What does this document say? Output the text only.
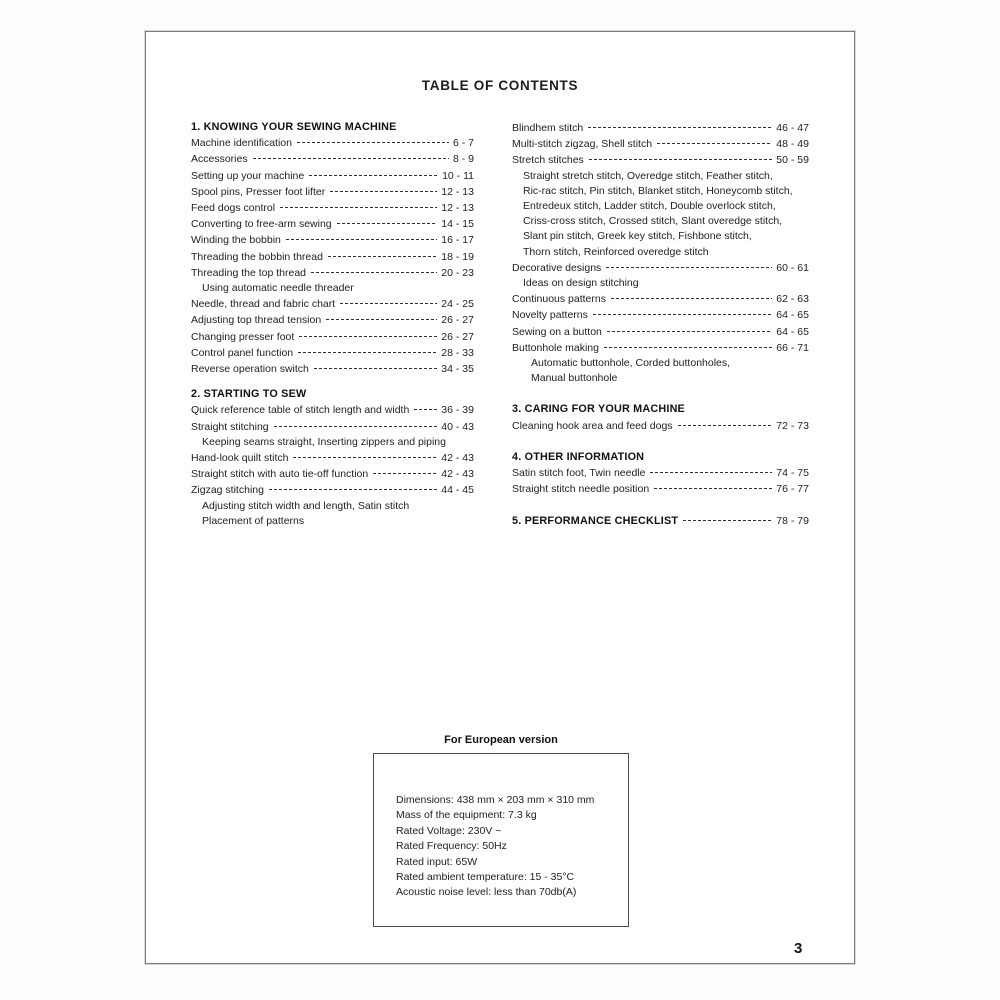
TABLE OF CONTENTS
1. KNOWING YOUR SEWING MACHINE
Machine identification	6 - 7
Accessories	8 - 9
Setting up your machine	10 - 11
Spool pins, Presser foot lifter	12 - 13
Feed dogs control	12 - 13
Converting to free-arm sewing	14 - 15
Winding the bobbin	16 - 17
Threading the bobbin thread	18 - 19
Threading the top thread	20 - 23
Using automatic needle threader
Needle, thread and fabric chart	24 - 25
Adjusting top thread tension	26 - 27
Changing presser foot	26 - 27
Control panel function	28 - 33
Reverse operation switch	34 - 35
2. STARTING TO SEW
Quick reference table of stitch length and width	36 - 39
Straight stitching	40 - 43
Keeping seams straight, Inserting zippers and piping
Hand-look quilt stitch	42 - 43
Straight stitch with auto tie-off function	42 - 43
Zigzag stitching	44 - 45
Adjusting stitch width and length, Satin stitch
Placement of patterns
Blindhem stitch	46 - 47
Multi-stitch zigzag, Shell stitch	48 - 49
Stretch stitches	50 - 59
Straight stretch stitch, Overedge stitch, Feather stitch,
Ric-rac stitch, Pin stitch, Blanket stitch, Honeycomb stitch,
Entredeux stitch, Ladder stitch, Double overlock stitch,
Criss-cross stitch, Crossed stitch, Slant overedge stitch,
Slant pin stitch, Greek key stitch, Fishbone stitch,
Thorn stitch, Reinforced overedge stitch
Decorative designs	60 - 61
Ideas on design stitching
Continuous patterns	62 - 63
Novelty patterns	64 - 65
Sewing on a button	64 - 65
Buttonhole making	66 - 71
Automatic buttonhole, Corded buttonholes,
Manual buttonhole
3. CARING FOR YOUR MACHINE
Cleaning hook area and feed dogs	72 - 73
4. OTHER INFORMATION
Satin stitch foot, Twin needle	74 - 75
Straight stitch needle position	76 - 77
5. PERFORMANCE CHECKLIST	78 - 79
For European version
Dimensions: 438 mm × 203 mm × 310 mm
Mass of the equipment: 7.3 kg
Rated Voltage: 230V ~
Rated Frequency: 50Hz
Rated input: 65W
Rated ambient temperature: 15 - 35°C
Acoustic noise level: less than 70db(A)
3
